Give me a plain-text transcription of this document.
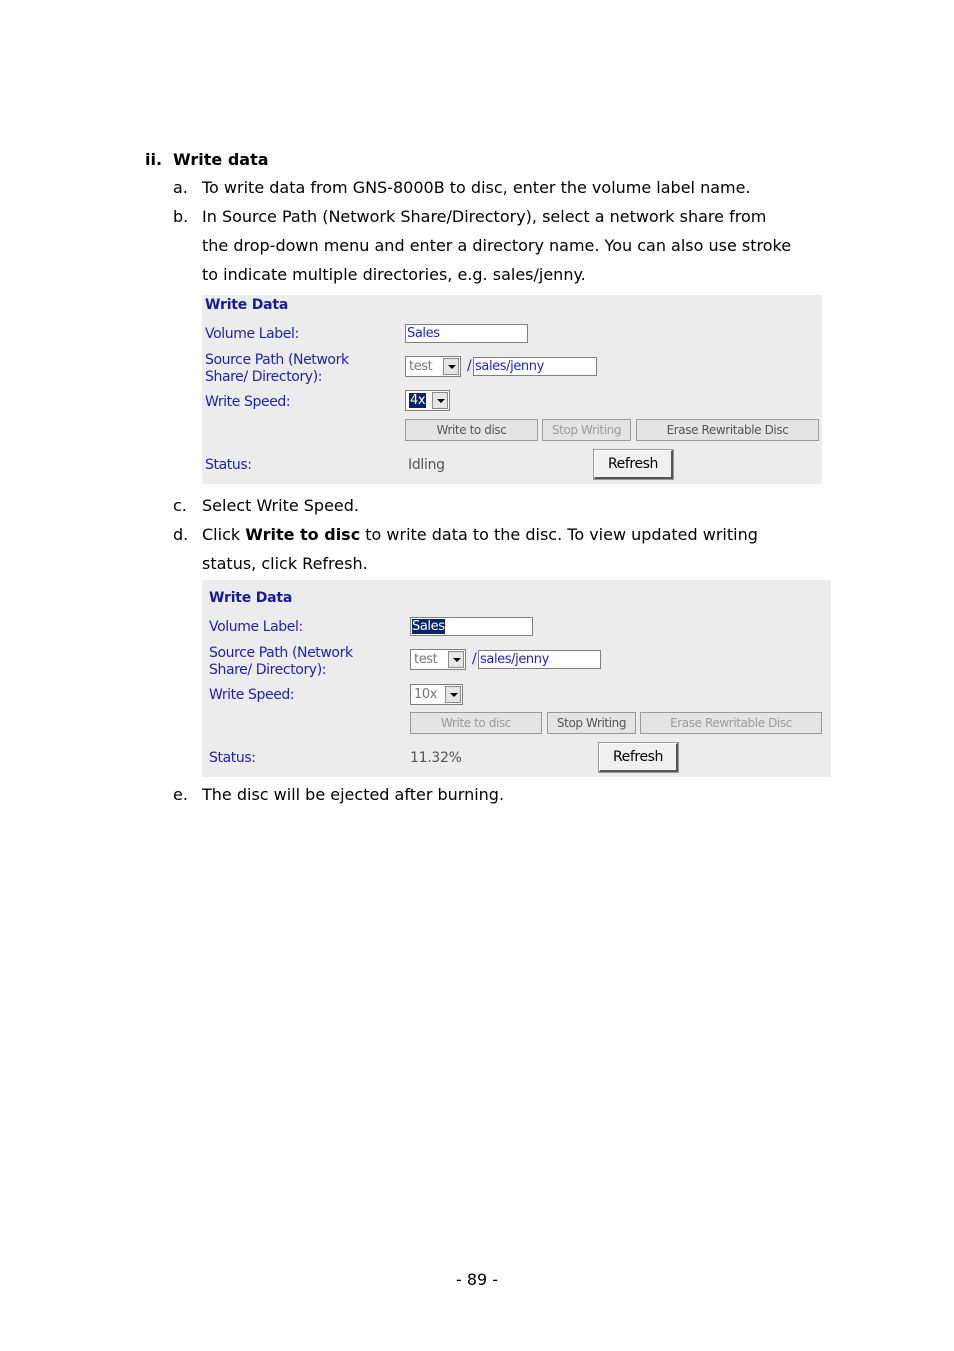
ii. Write data
a. To write data from GNS-8000B to disc, enter the volume label name.
b. In Source Path (Network Share/Directory), select a network share from
the drop-down menu and enter a directory name. You can also use stroke
to indicate multiple directories, e.g. sales/jenny.
Write Data
Volume Label:	Sales
Source Path (Network
Share/ Directory):
test	/ sales/jenny
Write Speed:	4x
Write to disc	Stop Writing	Erase Rewritable Disc
Status:	Idling	Refresh
c. Select Write Speed.
d. Click Write to disc to write data to the disc. To view updated writing
status, click Refresh.
Write Data
Volume Label:	Sales
Source Path (Network
Share/ Directory):
test	/ sales/jenny
Write Speed:	10x
Write to disc	Stop Writing	Erase Rewritable Disc
Status:	11.32%	Refresh
e. The disc will be ejected after burning.
- 89 -
